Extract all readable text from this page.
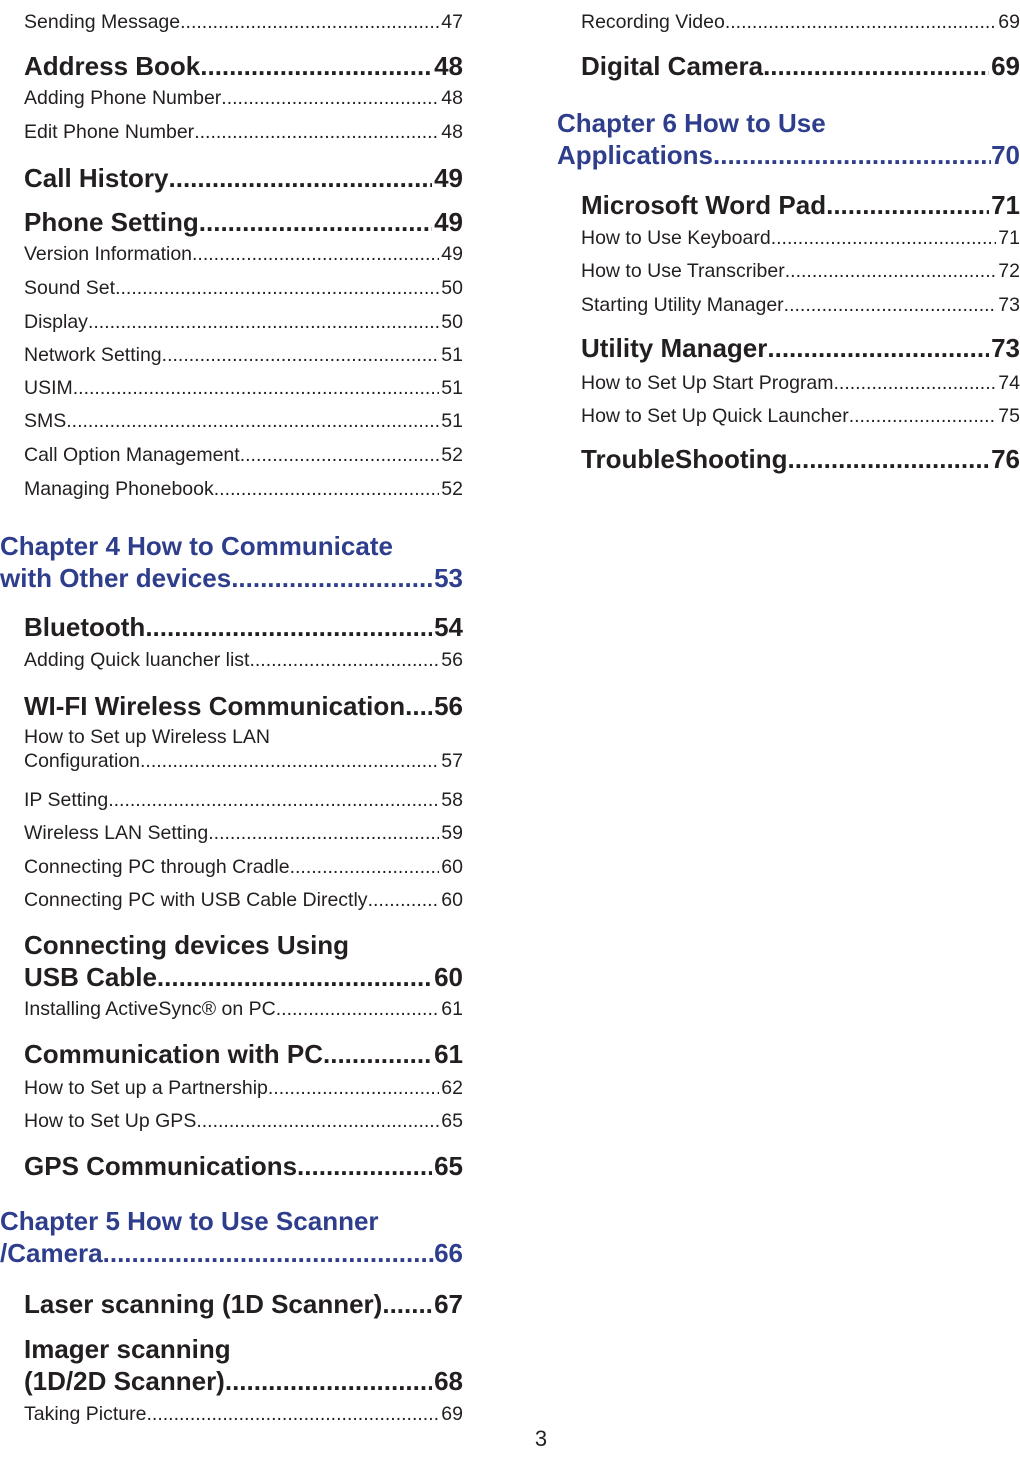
Sending Message .....	47
Address Book .....	48
Adding Phone Number .....	48
Edit Phone Number .....	48
Call History .....	49
Phone Setting .....	49
Version Information .....	49
Sound Set .....	50
Display .....	50
Network Setting .....	51
USIM .....	51
SMS .....	51
Call Option Management .....	52
Managing Phonebook .....	52
Chapter 4 How to Communicate
with Other devices .....	53
Bluetooth .....	54
Adding Quick luancher list .....	56
WI-FI Wireless Communication ..... 56
How to Set up Wireless LAN
Configuration .....	57
IP Setting .....	58
Wireless LAN Setting .....	59
Connecting PC through Cradle .....	60
Connecting PC with USB Cable Directly .....	60
Connecting devices Using
USB Cable .....	60
Installing ActiveSync® on PC .....	61
Communication with PC .....	61
How to Set up a Partnership .....	62
How to Set Up GPS .....	65
GPS Communications .....	65
Chapter 5 How to Use Scanner
/Camera .....	66
Laser scanning (1D Scanner) ..... 67
Imager scanning
(1D/2D Scanner) .....	68
Taking Picture .....	69
Recording Video .....	69
Digital Camera .....	69
Chapter 6 How to Use
Applications .....	70
Microsoft Word Pad .....	71
How to Use Keyboard .....	71
How to Use Transcriber .....	72
Starting Utility Manager .....	73
Utility Manager .....	73
How to Set Up Start Program .....	74
How to Set Up Quick Launcher .....	75
TroubleShooting .....	76
3
